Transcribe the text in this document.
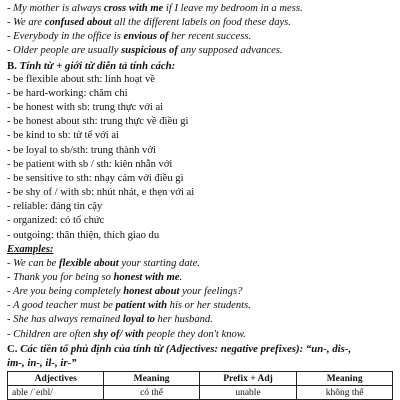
- My mother is always cross with me if I leave my bedroom in a mess.
- We are confused about all the different labels on food these days.
- Everybody in the office is envious of her recent success.
- Older people are usually suspicious of any supposed advances.
B. Tính từ + giới từ diễn tả tính cách:
- be flexible about sth: linh hoạt về
- be hard-working: chăm chỉ
- be honest with sb: trung thực với ai
- be honest about sth: trung thực về điều gì
- be kind to sb: tử tế với ai
- be loyal to sb/sth: trung thành với
- be patient with sb / sth: kiên nhẫn với
- be sensitive to sth: nhạy cảm với điều gì
- be shy of / with sb: nhút nhát, e thẹn với ai
- reliable: đáng tin cậy
- organized: có tổ chức
- outgoing: thân thiện, thích giao du
Examples:
- We can be flexible about your starting date.
- Thank you for being so honest with me.
- Are you being completely honest about your feelings?
- A good teacher must be patient with his or her students.
- She has always remained loyal to her husband.
- Children are often shy of/ with people they don't know.
C. Các tiền tố phủ định của tính từ (Adjectives: negative prefixes): “un-, dis-,
im-, in-, il-, ir-”
Adjectives	Meaning	Prefix + Adj	Meaning
able /ˈeɪbl/	có thể	unable	không thể
